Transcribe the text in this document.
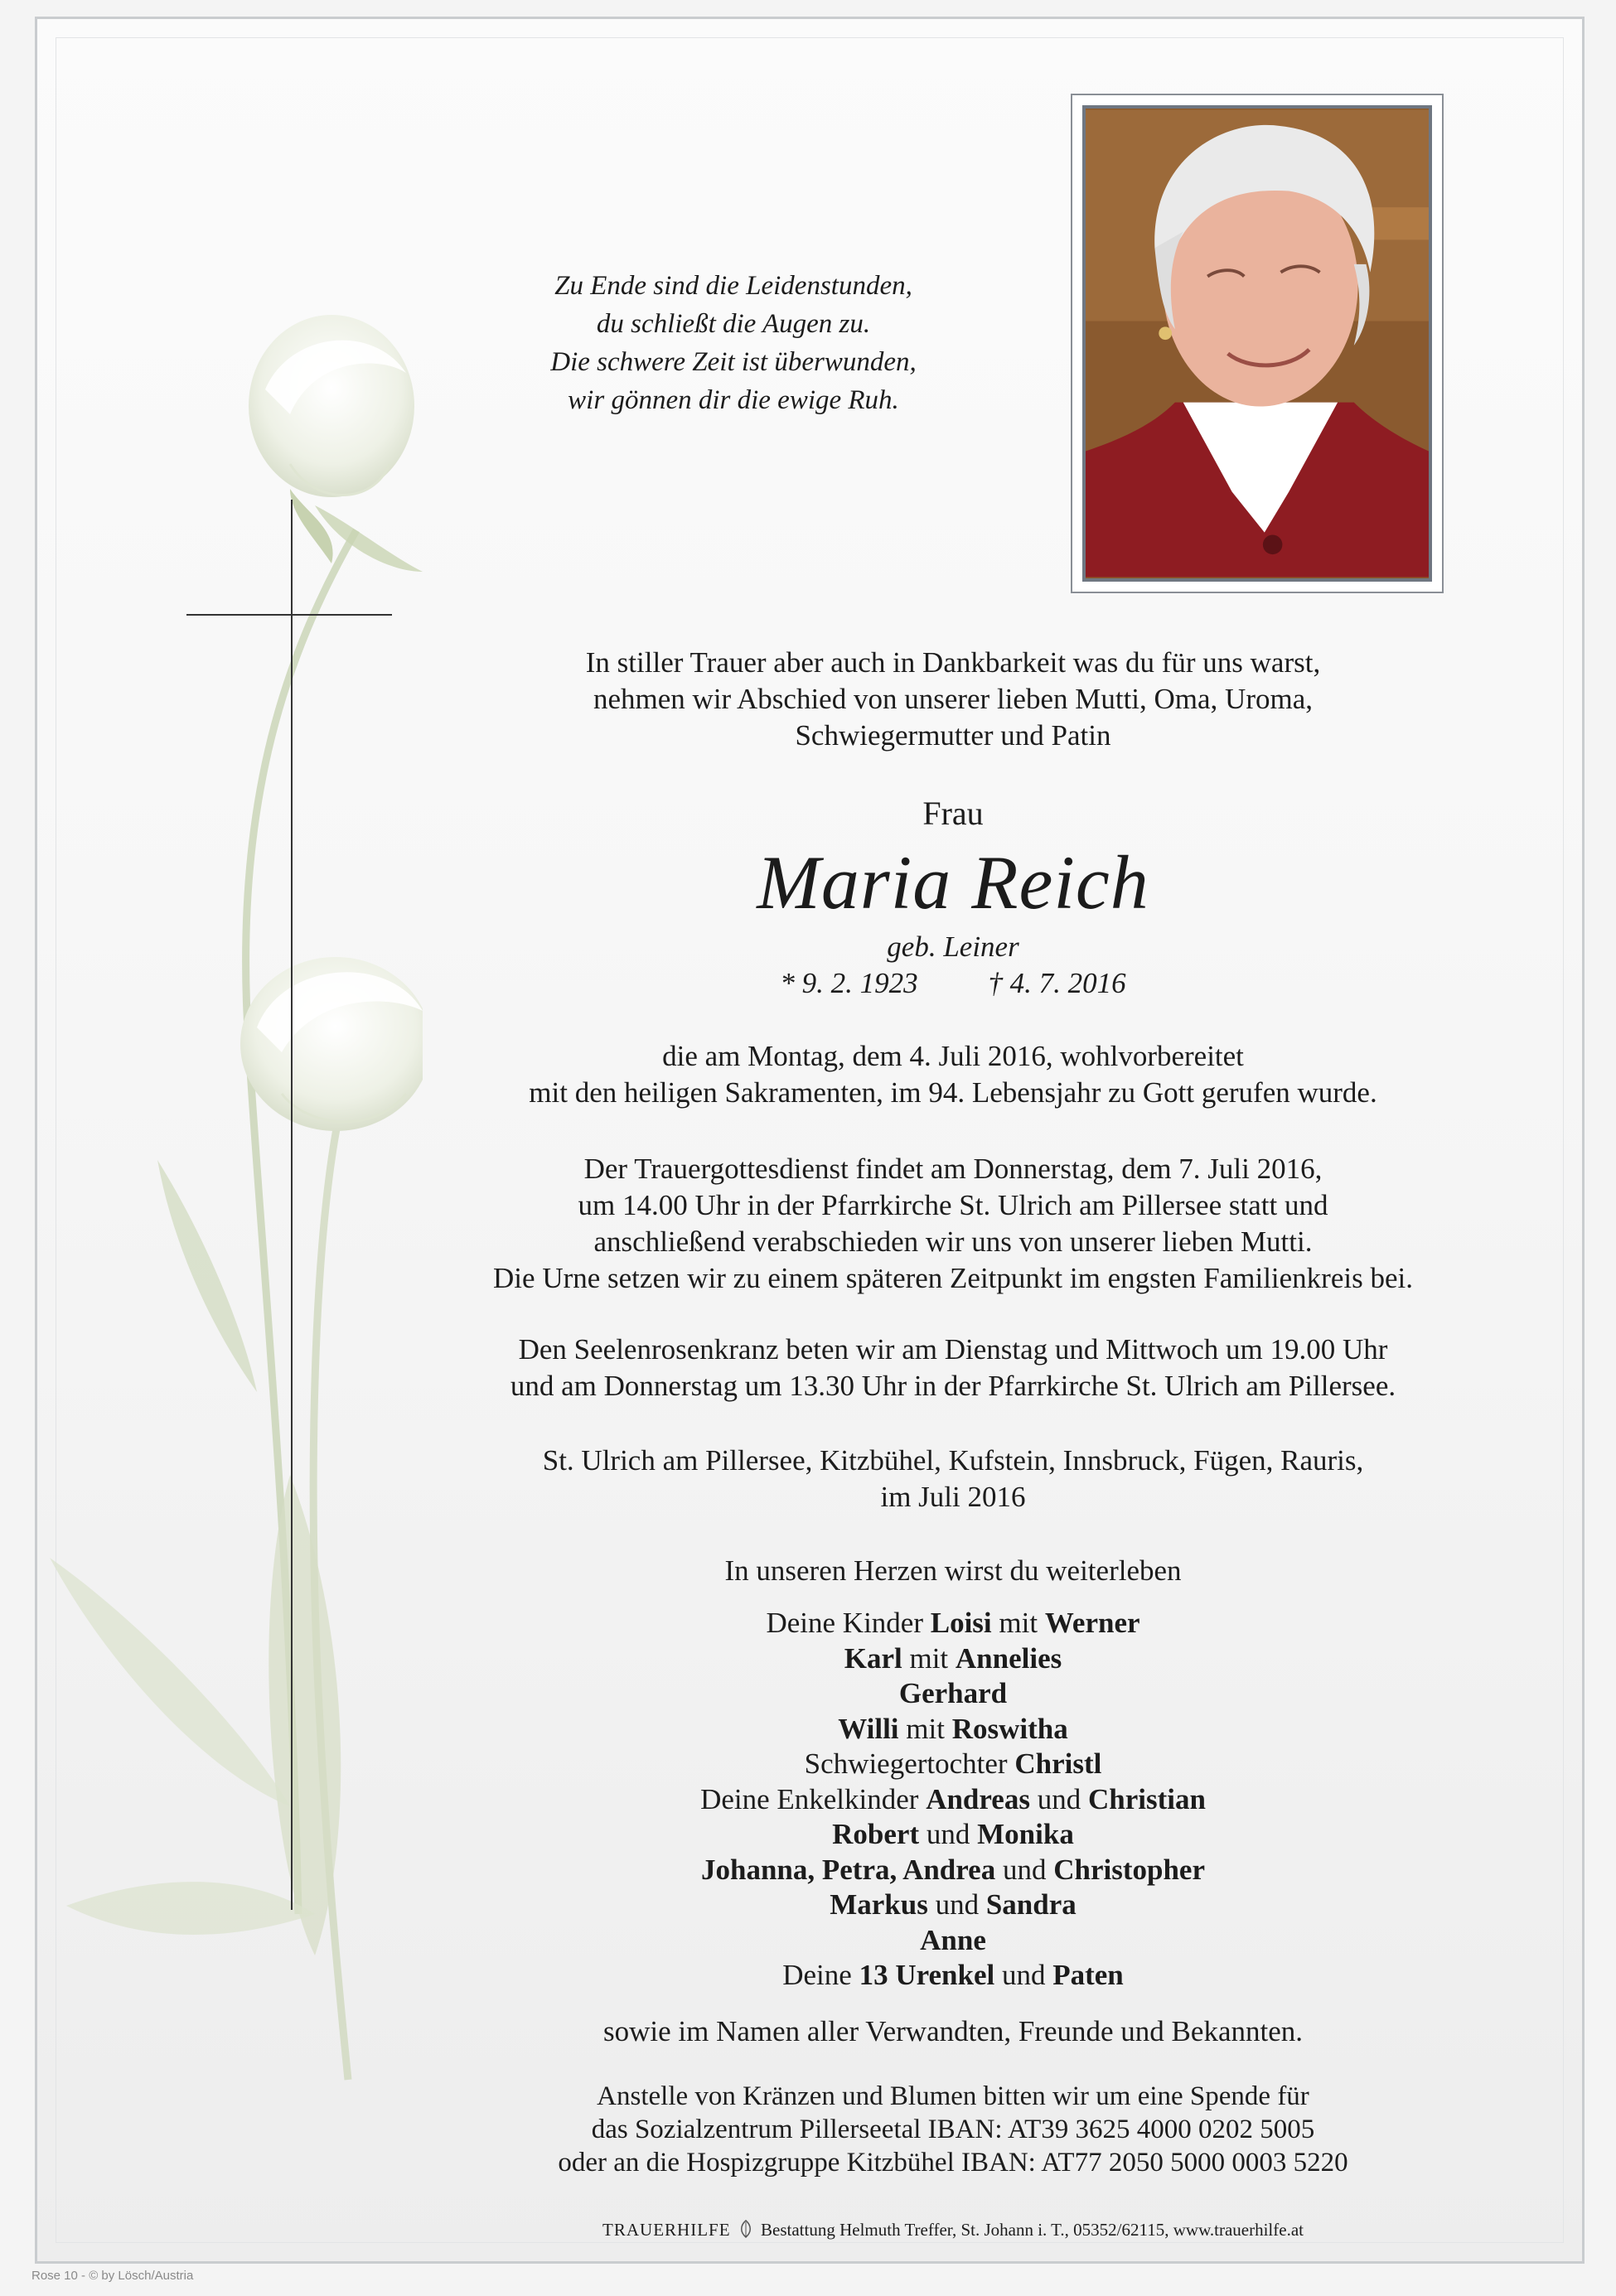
Zu Ende sind die Leidenstunden,
du schließt die Augen zu.
Die schwere Zeit ist überwunden,
wir gönnen dir die ewige Ruh.
In stiller Trauer aber auch in Dankbarkeit was du für uns warst,
nehmen wir Abschied von unserer lieben Mutti, Oma, Uroma,
Schwiegermutter und Patin
Frau
Maria Reich
geb. Leiner
* 9. 2. 1923 † 4. 7. 2016
die am Montag, dem 4. Juli 2016, wohlvorbereitet
mit den heiligen Sakramenten, im 94. Lebensjahr zu Gott gerufen wurde.
Der Trauergottesdienst findet am Donnerstag, dem 7. Juli 2016,
um 14.00 Uhr in der Pfarrkirche St. Ulrich am Pillersee statt und
anschließend verabschieden wir uns von unserer lieben Mutti.
Die Urne setzen wir zu einem späteren Zeitpunkt im engsten Familienkreis bei.
Den Seelenrosenkranz beten wir am Dienstag und Mittwoch um 19.00 Uhr
und am Donnerstag um 13.30 Uhr in der Pfarrkirche St. Ulrich am Pillersee.
St. Ulrich am Pillersee, Kitzbühel, Kufstein, Innsbruck, Fügen, Rauris,
im Juli 2016
In unseren Herzen wirst du weiterleben
Deine Kinder Loisi mit Werner
Karl mit Annelies
Gerhard
Willi mit Roswitha
Schwiegertochter Christl
Deine Enkelkinder Andreas und Christian
Robert und Monika
Johanna, Petra, Andrea und Christopher
Markus und Sandra
Anne
Deine 13 Urenkel und Paten
sowie im Namen aller Verwandten, Freunde und Bekannten.
Anstelle von Kränzen und Blumen bitten wir um eine Spende für
das Sozialzentrum Pillerseetal IBAN: AT39 3625 4000 0202 5005
oder an die Hospizgruppe Kitzbühel IBAN: AT77 2050 5000 0003 5220
TRAUERHILFE Bestattung Helmuth Treffer, St. Johann i. T., 05352/62115, www.trauerhilfe.at
Rose 10 - © by Lösch/Austria
